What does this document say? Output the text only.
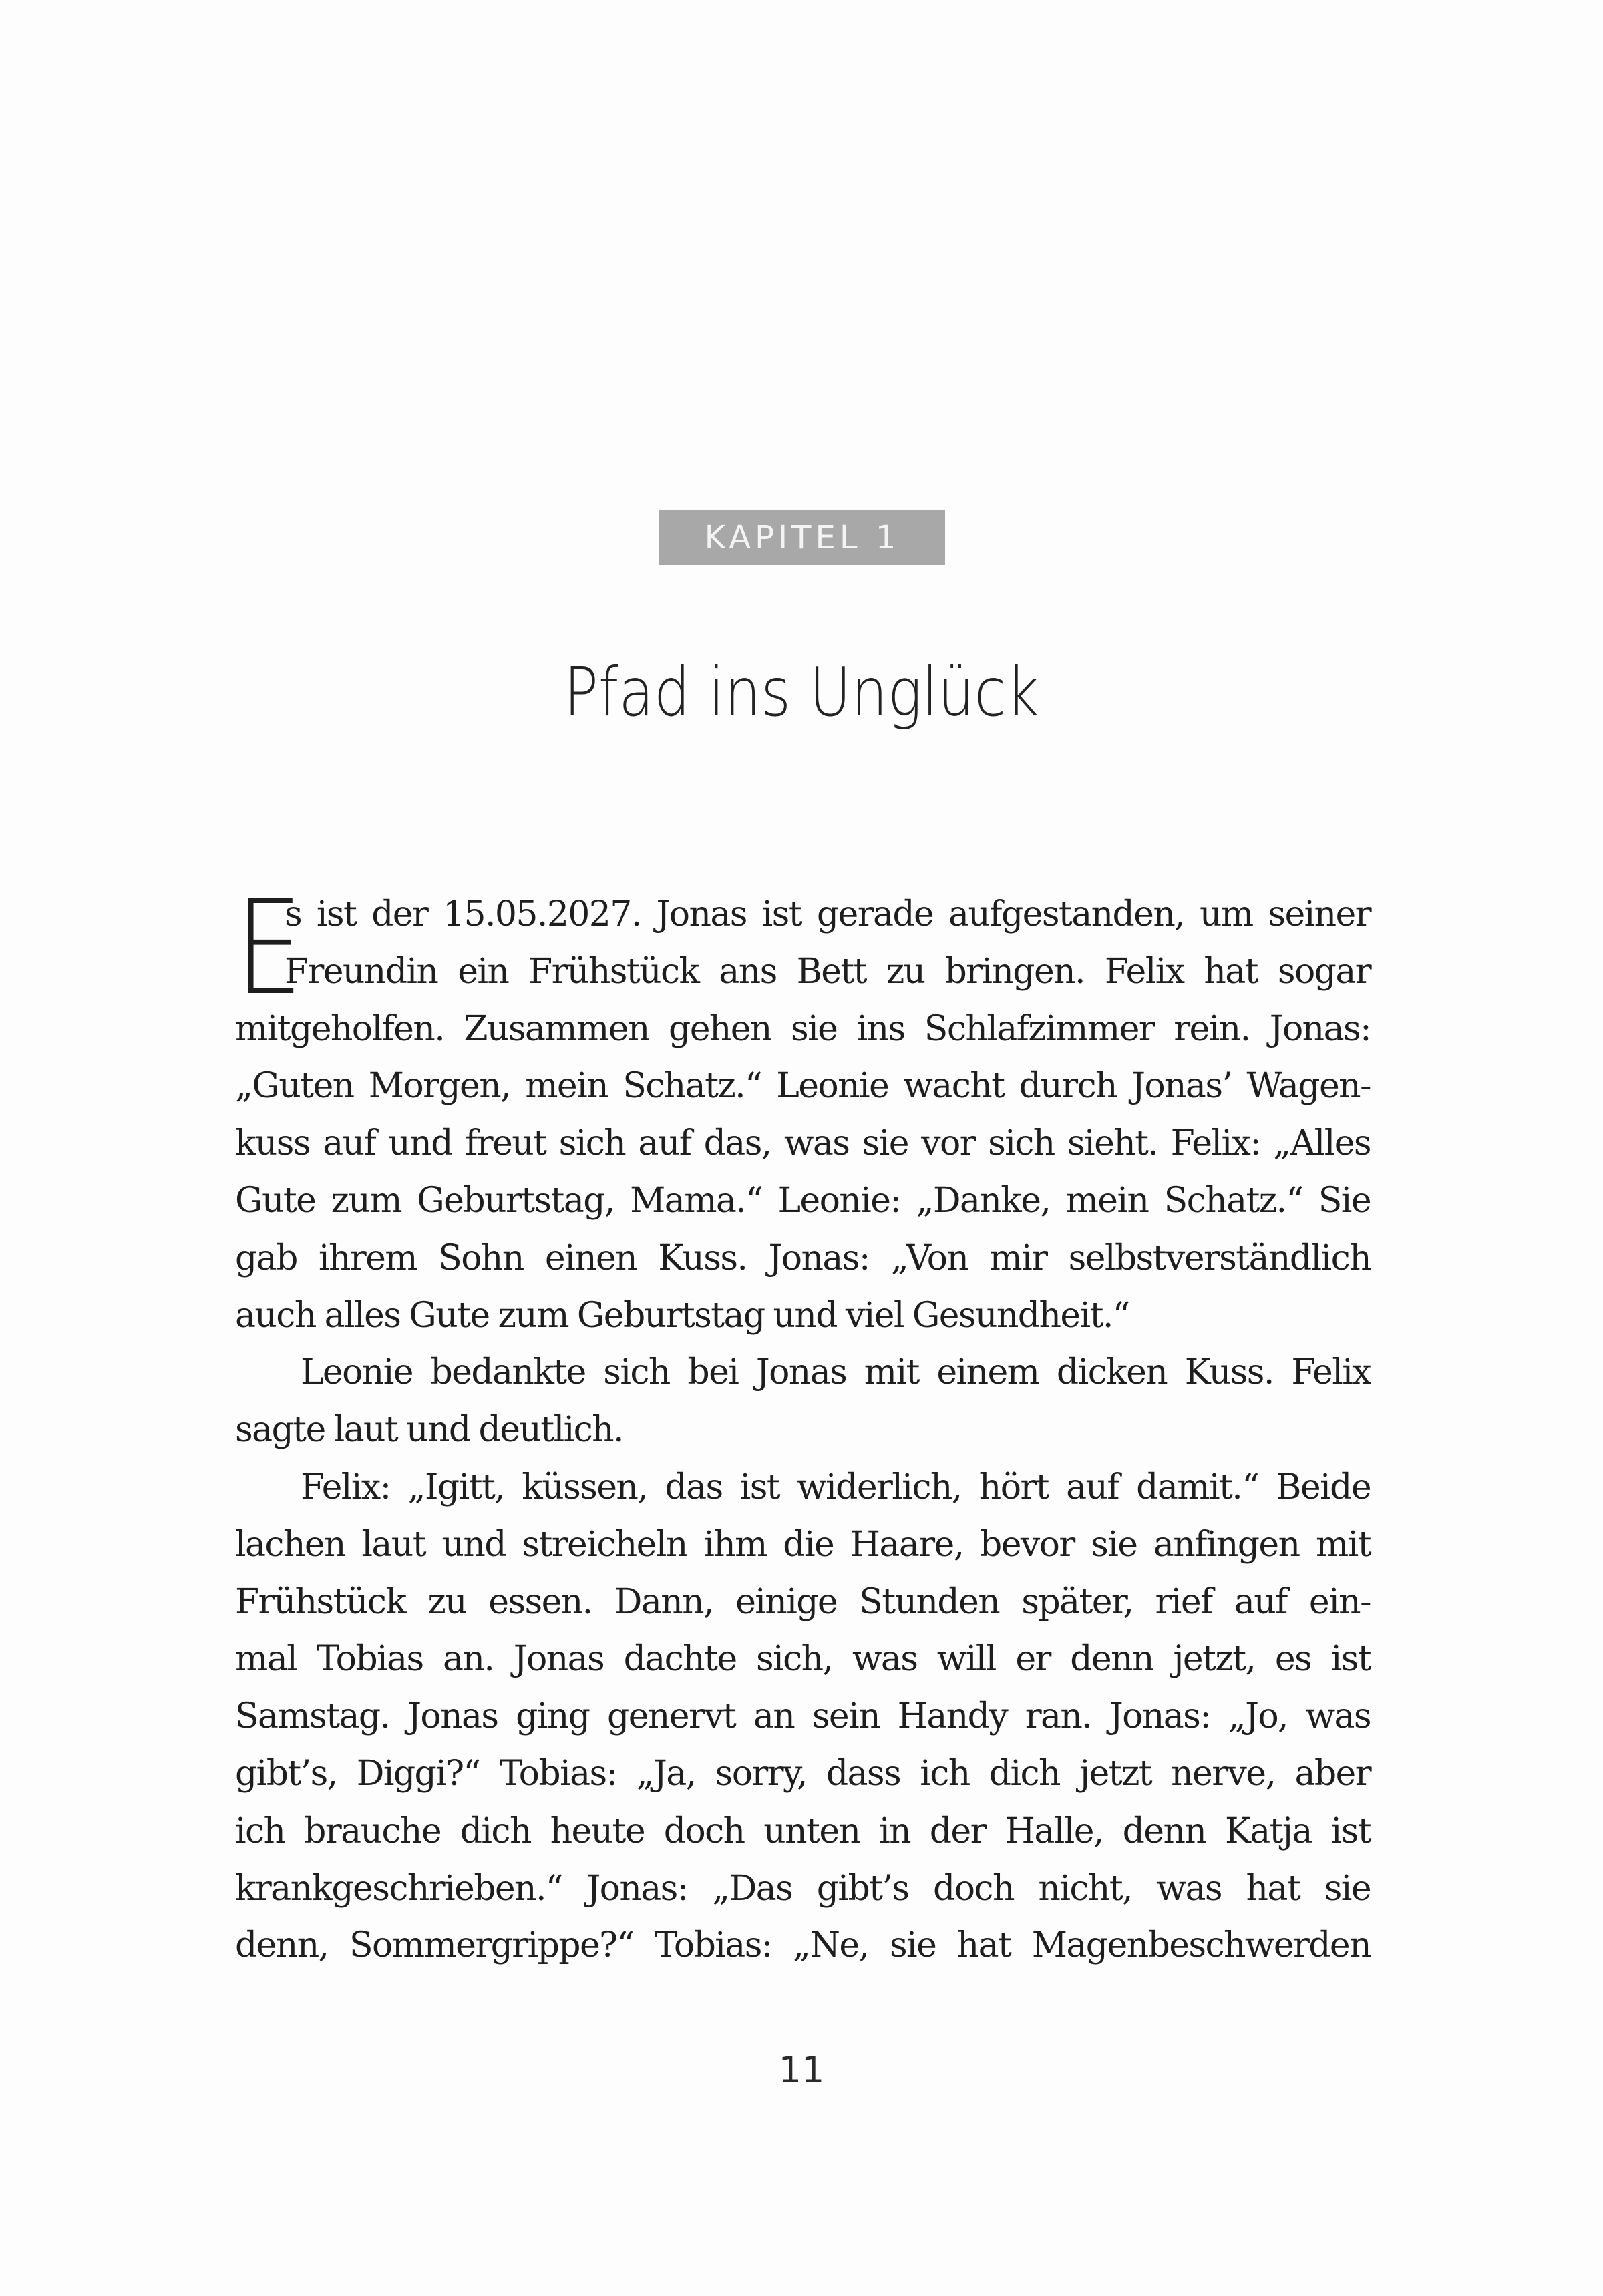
KAPITEL 1
Pfad ins Unglück
E
s ist der 15.05.2027. Jonas ist gerade aufgestanden, um seiner
Freundin ein Frühstück ans Bett zu bringen. Felix hat sogar
mitgeholfen. Zusammen gehen sie ins Schlafzimmer rein. Jonas:
„Guten Morgen, mein Schatz.“ Leonie wacht durch Jonas’ Wagen-
kuss auf und freut sich auf das, was sie vor sich sieht. Felix: „Alles
Gute zum Geburtstag, Mama.“ Leonie: „Danke, mein Schatz.“ Sie
gab ihrem Sohn einen Kuss. Jonas: „Von mir selbstverständlich
auch alles Gute zum Geburtstag und viel Gesundheit.“
Leonie bedankte sich bei Jonas mit einem dicken Kuss. Felix
sagte laut und deutlich.
Felix: „Igitt, küssen, das ist widerlich, hört auf damit.“ Beide
lachen laut und streicheln ihm die Haare, bevor sie anfingen mit
Frühstück zu essen. Dann, einige Stunden später, rief auf ein-
mal Tobias an. Jonas dachte sich, was will er denn jetzt, es ist
Samstag. Jonas ging genervt an sein Handy ran. Jonas: „Jo, was
gibt’s, Diggi?“ Tobias: „Ja, sorry, dass ich dich jetzt nerve, aber
ich brauche dich heute doch unten in der Halle, denn Katja ist
krankgeschrieben.“ Jonas: „Das gibt’s doch nicht, was hat sie
denn, Sommergrippe?“ Tobias: „Ne, sie hat Magenbeschwerden
11
